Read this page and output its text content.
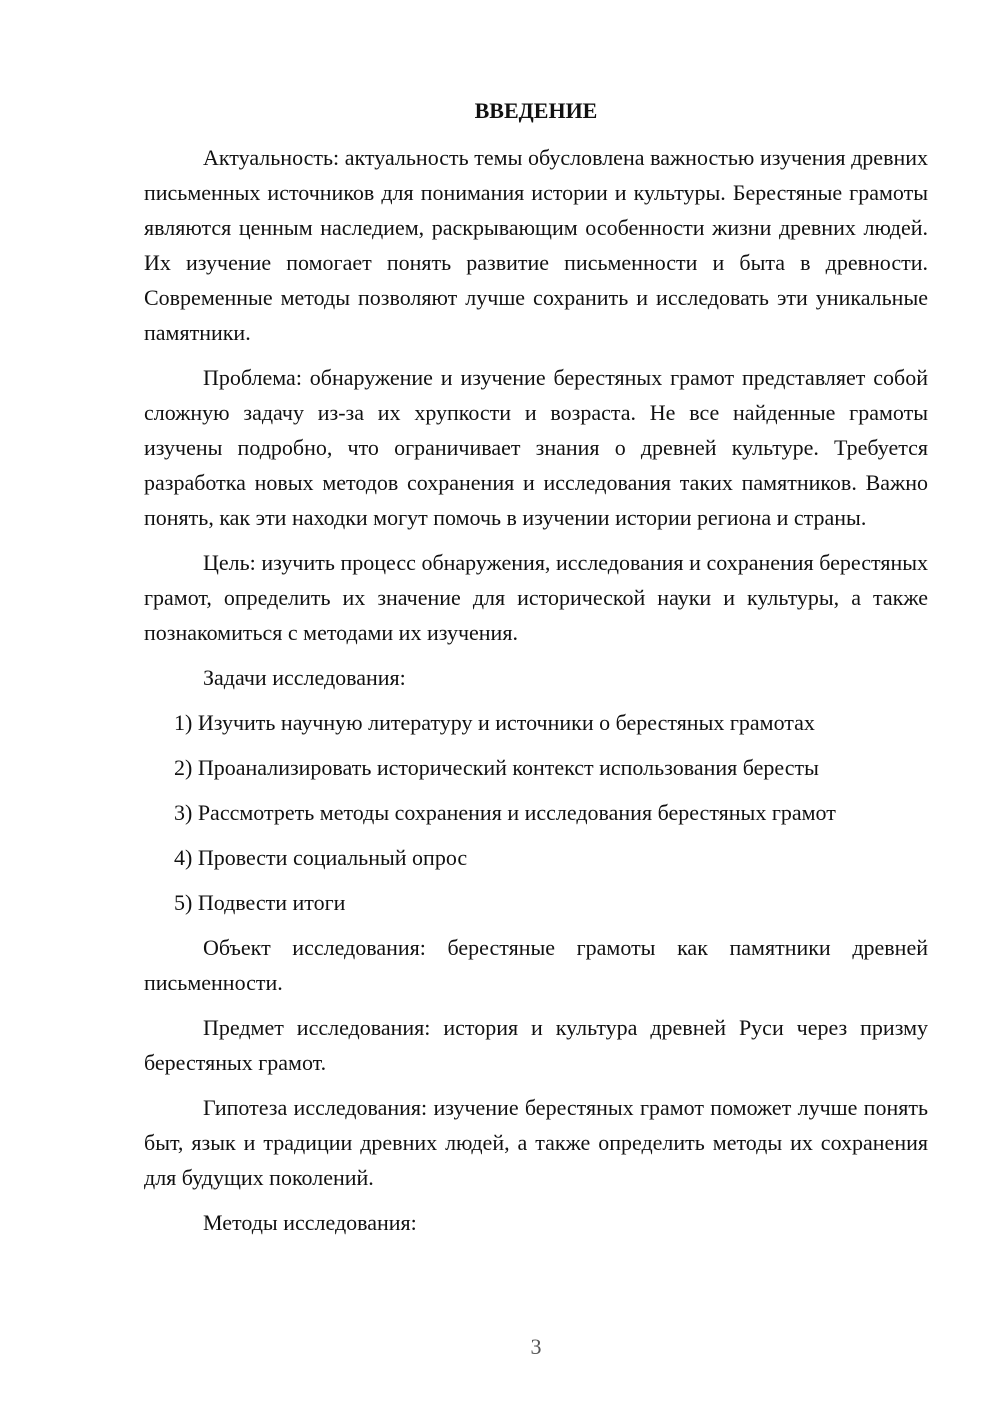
ВВЕДЕНИЕ

Актуальность: актуальность темы обусловлена важностью изучения древних письменных источников для понимания истории и культуры. Берестяные грамоты являются ценным наследием, раскрывающим особенности жизни древних людей. Их изучение помогает понять развитие письменности и быта в древности. Современные методы позволяют лучше сохранить и исследовать эти уникальные памятники.

Проблема: обнаружение и изучение берестяных грамот представляет собой сложную задачу из-за их хрупкости и возраста. Не все найденные грамоты изучены подробно, что ограничивает знания о древней культуре. Требуется разработка новых методов сохранения и исследования таких памятников. Важно понять, как эти находки могут помочь в изучении истории региона и страны.

Цель: изучить процесс обнаружения, исследования и сохранения берестяных грамот, определить их значение для исторической науки и культуры, а также познакомиться с методами их изучения.

Задачи исследования:
1) Изучить научную литературу и источники о берестяных грамотах
2) Проанализировать исторический контекст использования бересты
3) Рассмотреть методы сохранения и исследования берестяных грамот
4) Провести социальный опрос
5) Подвести итоги

Объект исследования: берестяные грамоты как памятники древней письменности.

Предмет исследования: история и культура древней Руси через призму берестяных грамот.

Гипотеза исследования: изучение берестяных грамот поможет лучше понять быт, язык и традиции древних людей, а также определить методы их сохранения для будущих поколений.

Методы исследования:
3
